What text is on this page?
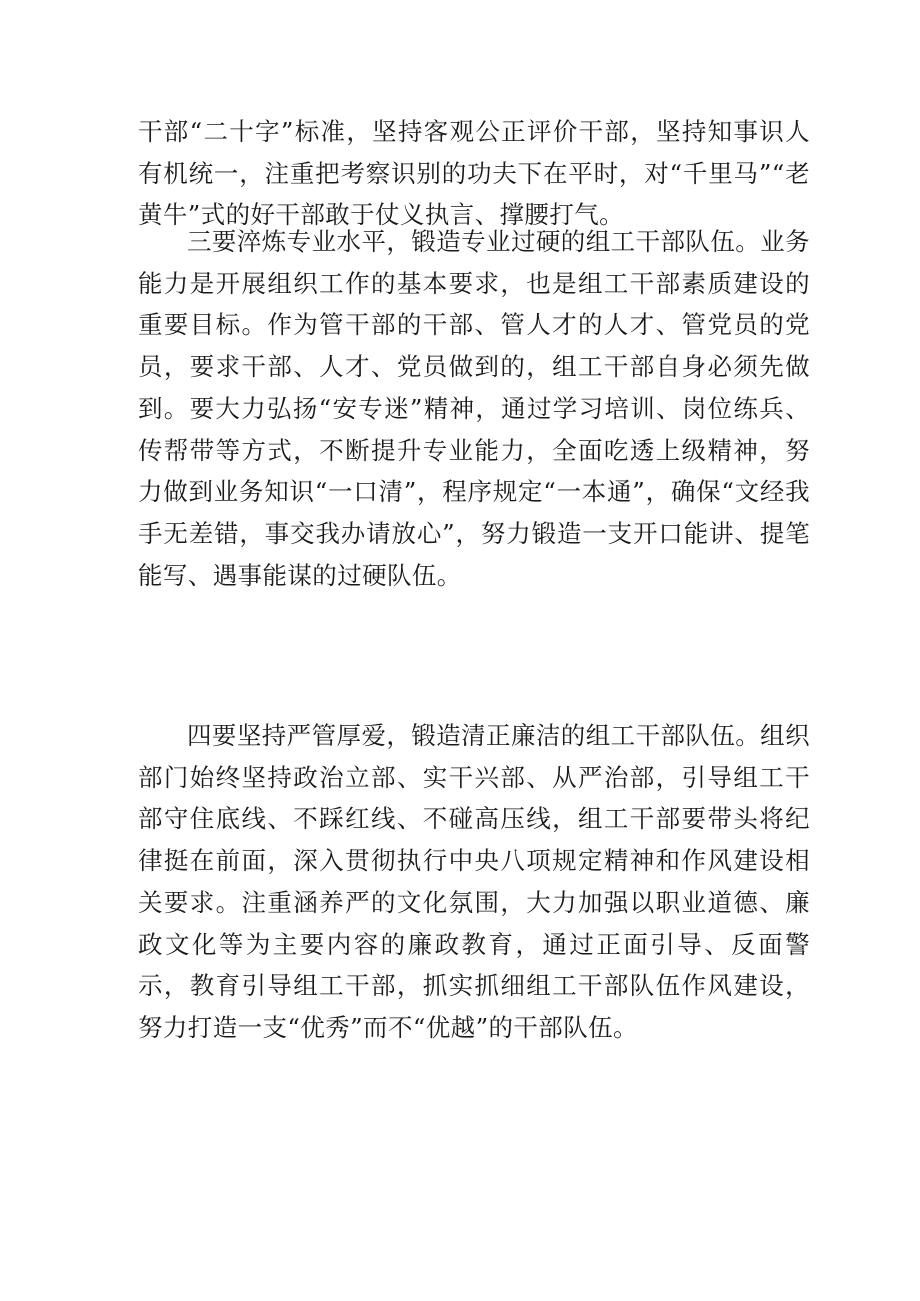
干部“二十字”标准，坚持客观公正评价干部，坚持知事识人有机统一，注重把考察识别的功夫下在平时，对“千里马”“老黄牛”式的好干部敢于仗义执言、撑腰打气。

三要淬炼专业水平，锻造专业过硬的组工干部队伍。业务能力是开展组织工作的基本要求，也是组工干部素质建设的重要目标。作为管干部的干部、管人才的人才、管党员的党员，要求干部、人才、党员做到的，组工干部自身必须先做到。要大力弘扬“安专迷”精神，通过学习培训、岗位练兵、传帮带等方式，不断提升专业能力，全面吃透上级精神，努力做到业务知识“一口清”，程序规定“一本通”，确保“文经我手无差错，事交我办请放心”，努力锻造一支开口能讲、提笔能写、遇事能谋的过硬队伍。

四要坚持严管厚爱，锻造清正廉洁的组工干部队伍。组织部门始终坚持政治立部、实干兴部、从严治部，引导组工干部守住底线、不踩红线、不碰高压线，组工干部要带头将纪律挺在前面，深入贯彻执行中央八项规定精神和作风建设相关要求。注重涵养严的文化氛围，大力加强以职业道德、廉政文化等为主要内容的廉政教育，通过正面引导、反面警示，教育引导组工干部，抓实抓细组工干部队伍作风建设，努力打造一支“优秀”而不“优越”的干部队伍。
